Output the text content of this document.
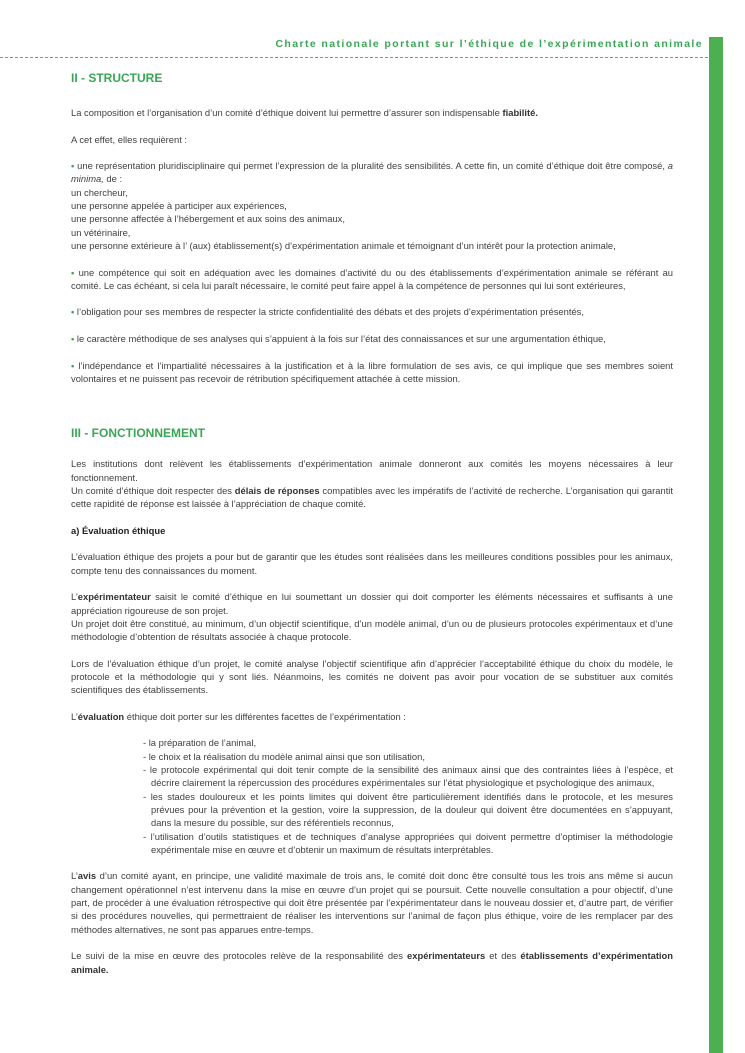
Charte nationale portant sur l’éthique de l’expérimentation animale
II - STRUCTURE

La composition et l’organisation d’un comité d’éthique doivent lui permettre d’assurer son indispensable fiabilité.

A cet effet, elles requièrent :

• une représentation pluridisciplinaire qui permet l’expression de la pluralité des sensibilités. A cette fin, un comité d’éthique doit être composé, a minima, de :

un chercheur,
une personne appelée à participer aux expériences,
une personne affectée à l’hébergement et aux soins des animaux,
un vétérinaire,

une personne extérieure à l’ (aux) établissement(s) d’expérimentation animale et témoignant d’un intérêt pour la protection animale,

• une compétence qui soit en adéquation avec les domaines d’activité du ou des établissements d’expérimentation animale se référant au comité. Le cas échéant, si cela lui paraît nécessaire, le comité peut faire appel à la compétence de personnes qui lui sont extérieures,

• l’obligation pour ses membres de respecter la stricte confidentialité des débats et des projets d’expérimentation présentés,

• le caractère méthodique de ses analyses qui s’appuient à la fois sur l’état des connaissances et sur une argumentation éthique,

• l’indépendance et l’impartialité nécessaires à la justification et à la libre formulation de ses avis, ce qui implique que ses membres soient volontaires et ne puissent pas recevoir de rétribution spécifiquement attachée à cette mission.

III - FONCTIONNEMENT

Les institutions dont relèvent les établissements d’expérimentation animale donneront aux comités les moyens nécessaires à leur fonctionnement.

Un comité d’éthique doit respecter des délais de réponses compatibles avec les impératifs de l’activité de recherche. L’organisation qui garantit cette rapidité de réponse est laissée à l’appréciation de chaque comité.

a) Évaluation éthique

L’évaluation éthique des projets a pour but de garantir que les études sont réalisées dans les meilleures conditions possibles pour les animaux, compte tenu des connaissances du moment.

L’expérimentateur saisit le comité d’éthique en lui soumettant un dossier qui doit comporter les éléments nécessaires et suffisants à une appréciation rigoureuse de son projet.

Un projet doit être constitué, au minimum, d’un objectif scientifique, d’un modèle animal, d’un ou de plusieurs protocoles expérimentaux et d’une méthodologie d’obtention de résultats associée à chaque protocole.

Lors de l’évaluation éthique d’un projet, le comité analyse l’objectif scientifique afin d’apprécier l’acceptabilité éthique du choix du modèle, le protocole et la méthodologie qui y sont liés. Néanmoins, les comités ne doivent pas avoir pour vocation de se substituer aux comités scientifiques des établissements.

L’évaluation éthique doit porter sur les différentes facettes de l’expérimentation :

- la préparation de l’animal,
- le choix et la réalisation du modèle animal ainsi que son utilisation,
- le protocole expérimental qui doit tenir compte de la sensibilité des animaux ainsi que des contraintes liées à l’espèce, et décrire clairement la répercussion des procédures expérimentales sur l’état physiologique et psychologique des animaux,
- les stades douloureux et les points limites qui doivent être particulièrement identifiés dans le protocole, et les mesures prévues pour la prévention et la gestion, voire la suppression, de la douleur qui doivent être documentées en s’appuyant, dans la mesure du possible, sur des référentiels reconnus,
- l’utilisation d’outils statistiques et de techniques d’analyse appropriées qui doivent permettre d’optimiser la méthodologie expérimentale mise en œuvre et d’obtenir un maximum de résultats interprétables.

L’avis d’un comité ayant, en principe, une validité maximale de trois ans, le comité doit donc être consulté tous les trois ans même si aucun changement opérationnel n’est intervenu dans la mise en œuvre d’un projet qui se poursuit. Cette nouvelle consultation a pour objectif, d’une part, de procéder à une évaluation rétrospective qui doit être présentée par l’expérimentateur dans le nouveau dossier et, d’autre part, de vérifier si des procédures nouvelles, qui permettraient de réaliser les interventions sur l’animal de façon plus éthique, voire de les remplacer par des méthodes alternatives, ne sont pas apparues entre-temps.

Le suivi de la mise en œuvre des protocoles relève de la responsabilité des expérimentateurs et des établissements d’expérimentation animale.
